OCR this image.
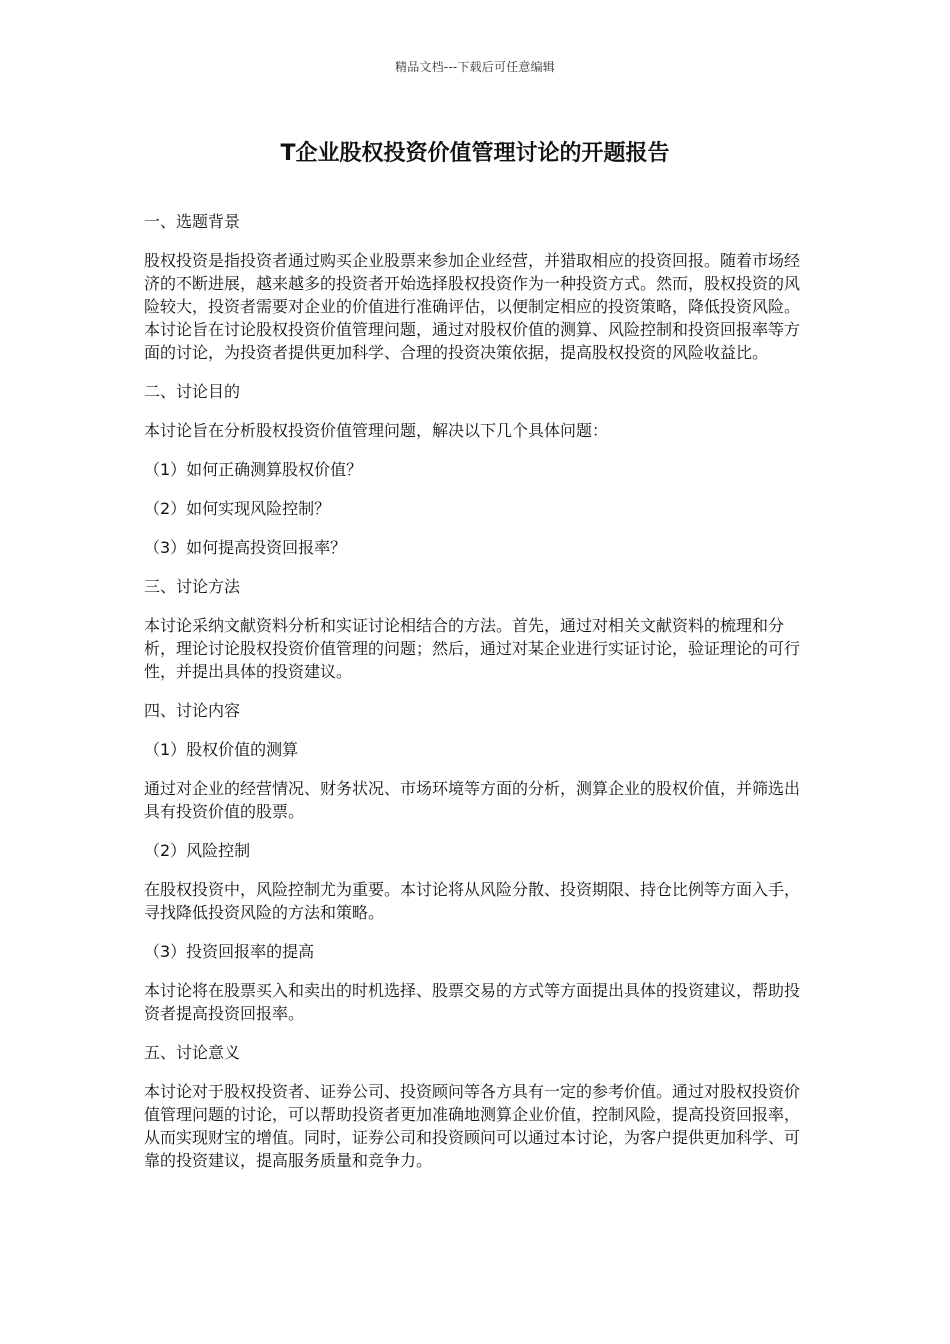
精品文档---下载后可任意编辑
T企业股权投资价值管理讨论的开题报告

一、选题背景

股权投资是指投资者通过购买企业股票来参加企业经营，并猎取相应的投资回报。随着市场经济的不断进展，越来越多的投资者开始选择股权投资作为一种投资方式。然而，股权投资的风险较大，投资者需要对企业的价值进行准确评估，以便制定相应的投资策略，降低投资风险。本讨论旨在讨论股权投资价值管理问题，通过对股权价值的测算、风险控制和投资回报率等方面的讨论，为投资者提供更加科学、合理的投资决策依据，提高股权投资的风险收益比。

二、讨论目的

本讨论旨在分析股权投资价值管理问题，解决以下几个具体问题：

（1）如何正确测算股权价值？

（2）如何实现风险控制？

（3）如何提高投资回报率？

三、讨论方法

本讨论采纳文献资料分析和实证讨论相结合的方法。首先，通过对相关文献资料的梳理和分析，理论讨论股权投资价值管理的问题；然后，通过对某企业进行实证讨论，验证理论的可行性，并提出具体的投资建议。

四、讨论内容

（1）股权价值的测算

通过对企业的经营情况、财务状况、市场环境等方面的分析，测算企业的股权价值，并筛选出具有投资价值的股票。

（2）风险控制

在股权投资中，风险控制尤为重要。本讨论将从风险分散、投资期限、持仓比例等方面入手，寻找降低投资风险的方法和策略。

（3）投资回报率的提高

本讨论将在股票买入和卖出的时机选择、股票交易的方式等方面提出具体的投资建议，帮助投资者提高投资回报率。

五、讨论意义

本讨论对于股权投资者、证券公司、投资顾问等各方具有一定的参考价值。通过对股权投资价值管理问题的讨论，可以帮助投资者更加准确地测算企业价值，控制风险，提高投资回报率，从而实现财宝的增值。同时，证券公司和投资顾问可以通过本讨论，为客户提供更加科学、可靠的投资建议，提高服务质量和竞争力。
